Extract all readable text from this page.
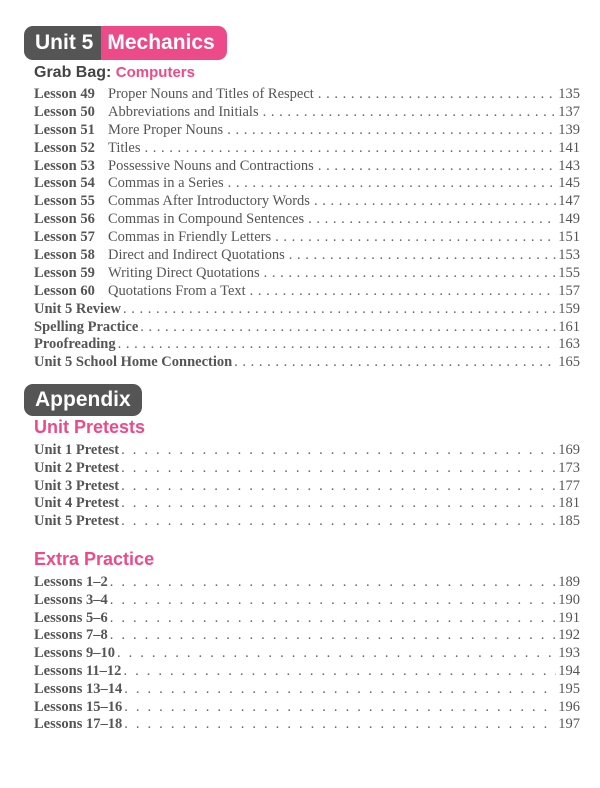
Unit 5 Mechanics
Grab Bag: Computers
Lesson 49 Proper Nouns and Titles of Respect . . .	135
Lesson 50 Abbreviations and Initials . . .	137
Lesson 51 More Proper Nouns . . .	139
Lesson 52 Titles . . .	141
Lesson 53 Possessive Nouns and Contractions . . .	143
Lesson 54 Commas in a Series . . .	145
Lesson 55 Commas After Introductory Words . . .	147
Lesson 56 Commas in Compound Sentences . . .	149
Lesson 57 Commas in Friendly Letters . . .	151
Lesson 58 Direct and Indirect Quotations . . .	153
Lesson 59 Writing Direct Quotations . . .	155
Lesson 60 Quotations From a Text . . .	157
Unit 5 Review . . .	159
Spelling Practice . . .	161
Proofreading . . .	163
Unit 5 School Home Connection . . .	165
Appendix
Unit Pretests
Unit 1 Pretest . . .	169
Unit 2 Pretest . . .	173
Unit 3 Pretest . . .	177
Unit 4 Pretest . . .	181
Unit 5 Pretest . . .	185
Extra Practice
Lessons 1–2 . . .	189
Lessons 3–4 . . .	190
Lessons 5–6 . . .	191
Lessons 7–8 . . .	192
Lessons 9–10 . . .	193
Lessons 11–12 . . .	194
Lessons 13–14 . . .	195
Lessons 15–16 . . .	196
Lessons 17–18 . . .	197
